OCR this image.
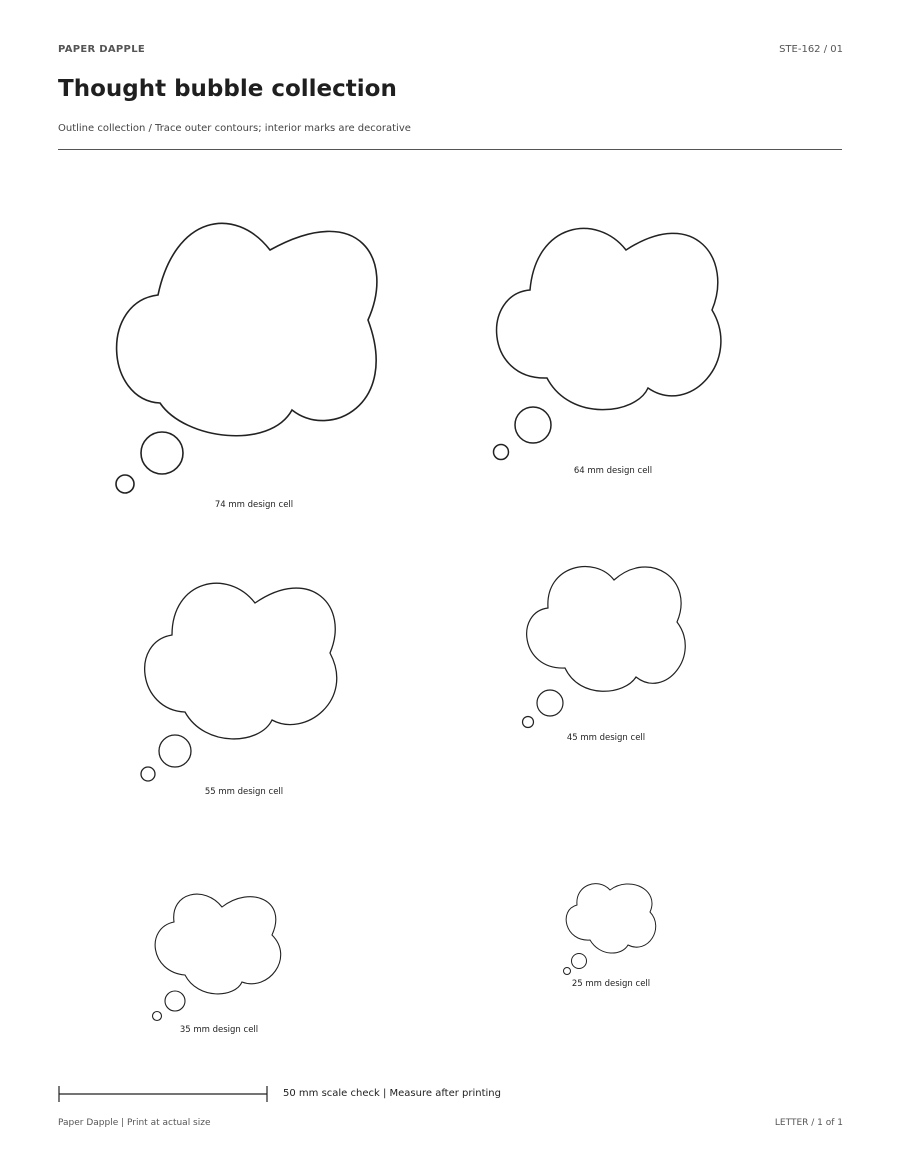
PAPER DAPPLE	STE-162 / 01
Thought bubble collection
Outline collection / Trace outer contours; interior marks are decorative
74 mm design cell
64 mm design cell
55 mm design cell
45 mm design cell
35 mm design cell
25 mm design cell
50 mm scale check | Measure after printing
Paper Dapple | Print at actual size	LETTER / 1 of 1
